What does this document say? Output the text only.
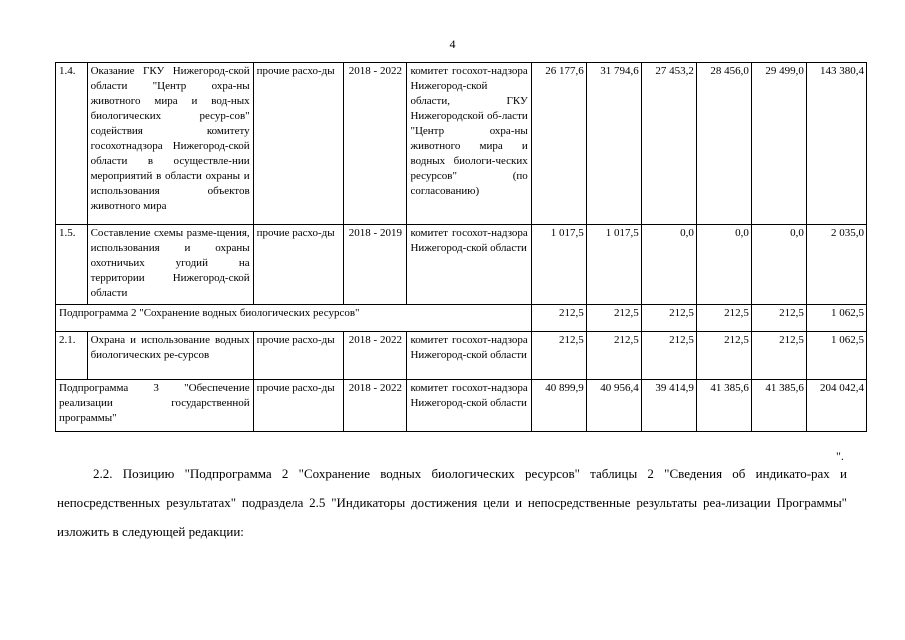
4
1.4.	Оказание ГКУ Нижегород-ской области "Центр охра-ны животного мира и вод-ных биологических ресур-сов" содействия комитету госохотнадзора Нижегород-ской области в осуществле-нии мероприятий в области охраны и использования объектов животного мира	прочие расхо-ды	2018 - 2022	комитет госохот-надзора Нижегород-ской области, ГКУ Нижегородской об-ласти "Центр охра-ны животного мира и водных биологи-ческих ресурсов" (по согласованию)	26 177,6	31 794,6	27 453,2	28 456,0	29 499,0	143 380,4
1.5.	Составление схемы разме-щения, использования и охраны охотничьих угодий на территории Нижегород-ской области	прочие расхо-ды	2018 - 2019	комитет госохот-надзора Нижегород-ской области	1 017,5	1 017,5	0,0	0,0	0,0	2 035,0
Подпрограмма 2 "Сохранение водных биологических ресурсов"					212,5	212,5	212,5	212,5	212,5	1 062,5
2.1.	Охрана и использование водных биологических ре-сурсов	прочие расхо-ды	2018 - 2022	комитет госохот-надзора Нижегород-ской области	212,5	212,5	212,5	212,5	212,5	1 062,5
Подпрограмма 3 "Обеспечение реализации государственной программы"		прочие расхо-ды	2018 - 2022	комитет госохот-надзора Нижегород-ской области	40 899,9	40 956,4	39 414,9	41 385,6	41 385,6	204 042,4
".

2.2. Позицию "Подпрограмма 2 "Сохранение водных биологических ресурсов" таблицы 2 "Сведения об индикато-рах и непосредственных результатах" подраздела 2.5 "Индикаторы достижения цели и непосредственные результаты реа-лизации Программы" изложить в следующей редакции:
